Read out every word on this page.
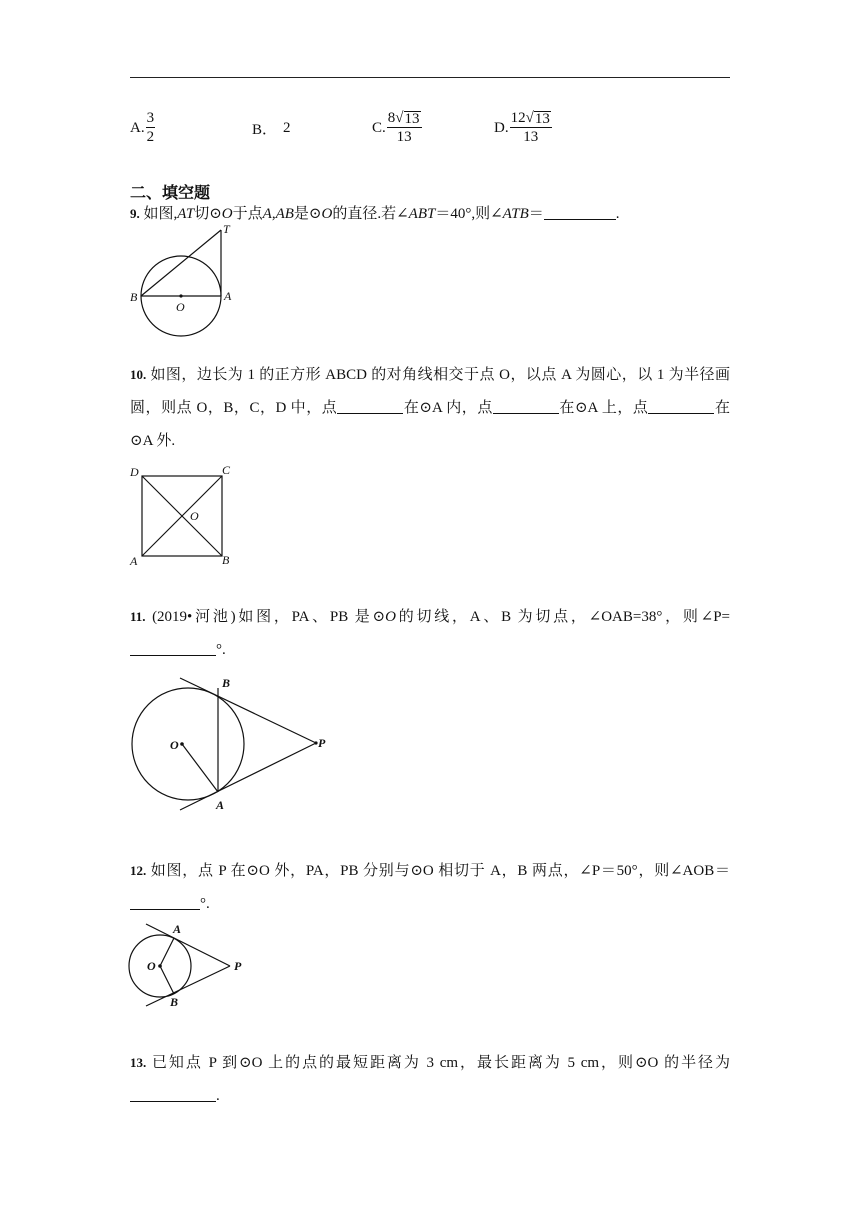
A. $\frac{3}{2}$	B． 2	C. $\frac{8 √ 13}{13}$	D. $\frac{12 √ 13}{13}$
二、填空题
9. 如图,AT切⊙O于点A,AB是⊙O的直径.若∠ABT＝40°,则∠ATB＝	.
T
B
O
A
10. 如图，边长为 1 的正方形 ABCD 的对角线相交于点 O，以点 A 为圆心，以 1 为半径画圆，则点 O，B，C，D 中，点	在⊙A 内，点	在⊙A 上，点	在⊙A 外.
D	C
O
A	B
11. (2019•河池)如图，PA、PB 是⊙O的切线，A、B 为切点，∠OAB=38°，则∠P=°.
B
O	P
A
12. 如图，点 P 在⊙O 外，PA，PB 分别与⊙O 相切于 A，B 两点，∠P＝50°，则∠AOB＝°.
A
O	P
B
13. 已知点 P 到⊙O 上的点的最短距离为 3 cm，最长距离为 5 cm，则⊙O 的半径为.
